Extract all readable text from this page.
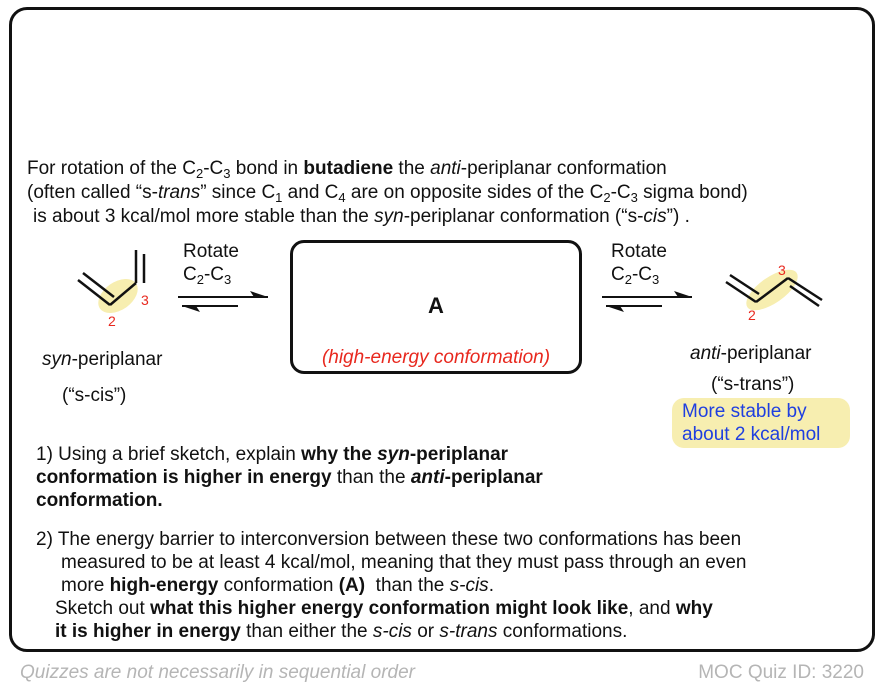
For rotation of the $C_2-C_3$ bond in butadiene the anti-periplanar conformation
(often called “s-trans” since $C_1$ and $C_4$ are on opposite sides of the $C_2-C_3$ sigma bond)
is about 3 kcal/mol more stable than the syn-periplanar conformation (“s-cis”) .
2
3
syn-periplanar
(“s-cis”)
Rotate
$C_2-C_3$
A
(high-energy conformation)
Rotate
$C_2-C_3$
2
3
anti-periplanar
(“s-trans”)
More stable by
about 2 kcal/mol
1) Using a brief sketch, explain why the syn-periplanar
conformation is higher in energy than the anti-periplanar
conformation.
2) The energy barrier to interconversion between these two conformations has been
measured to be at least 4 kcal/mol, meaning that they must pass through an even
more high-energy conformation (A)  than the s-cis.
Sketch out what this higher energy conformation might look like, and why
it is higher in energy than either the s-cis or s-trans conformations.
Quizzes are not necessarily in sequential order	MOC Quiz ID: 3220
